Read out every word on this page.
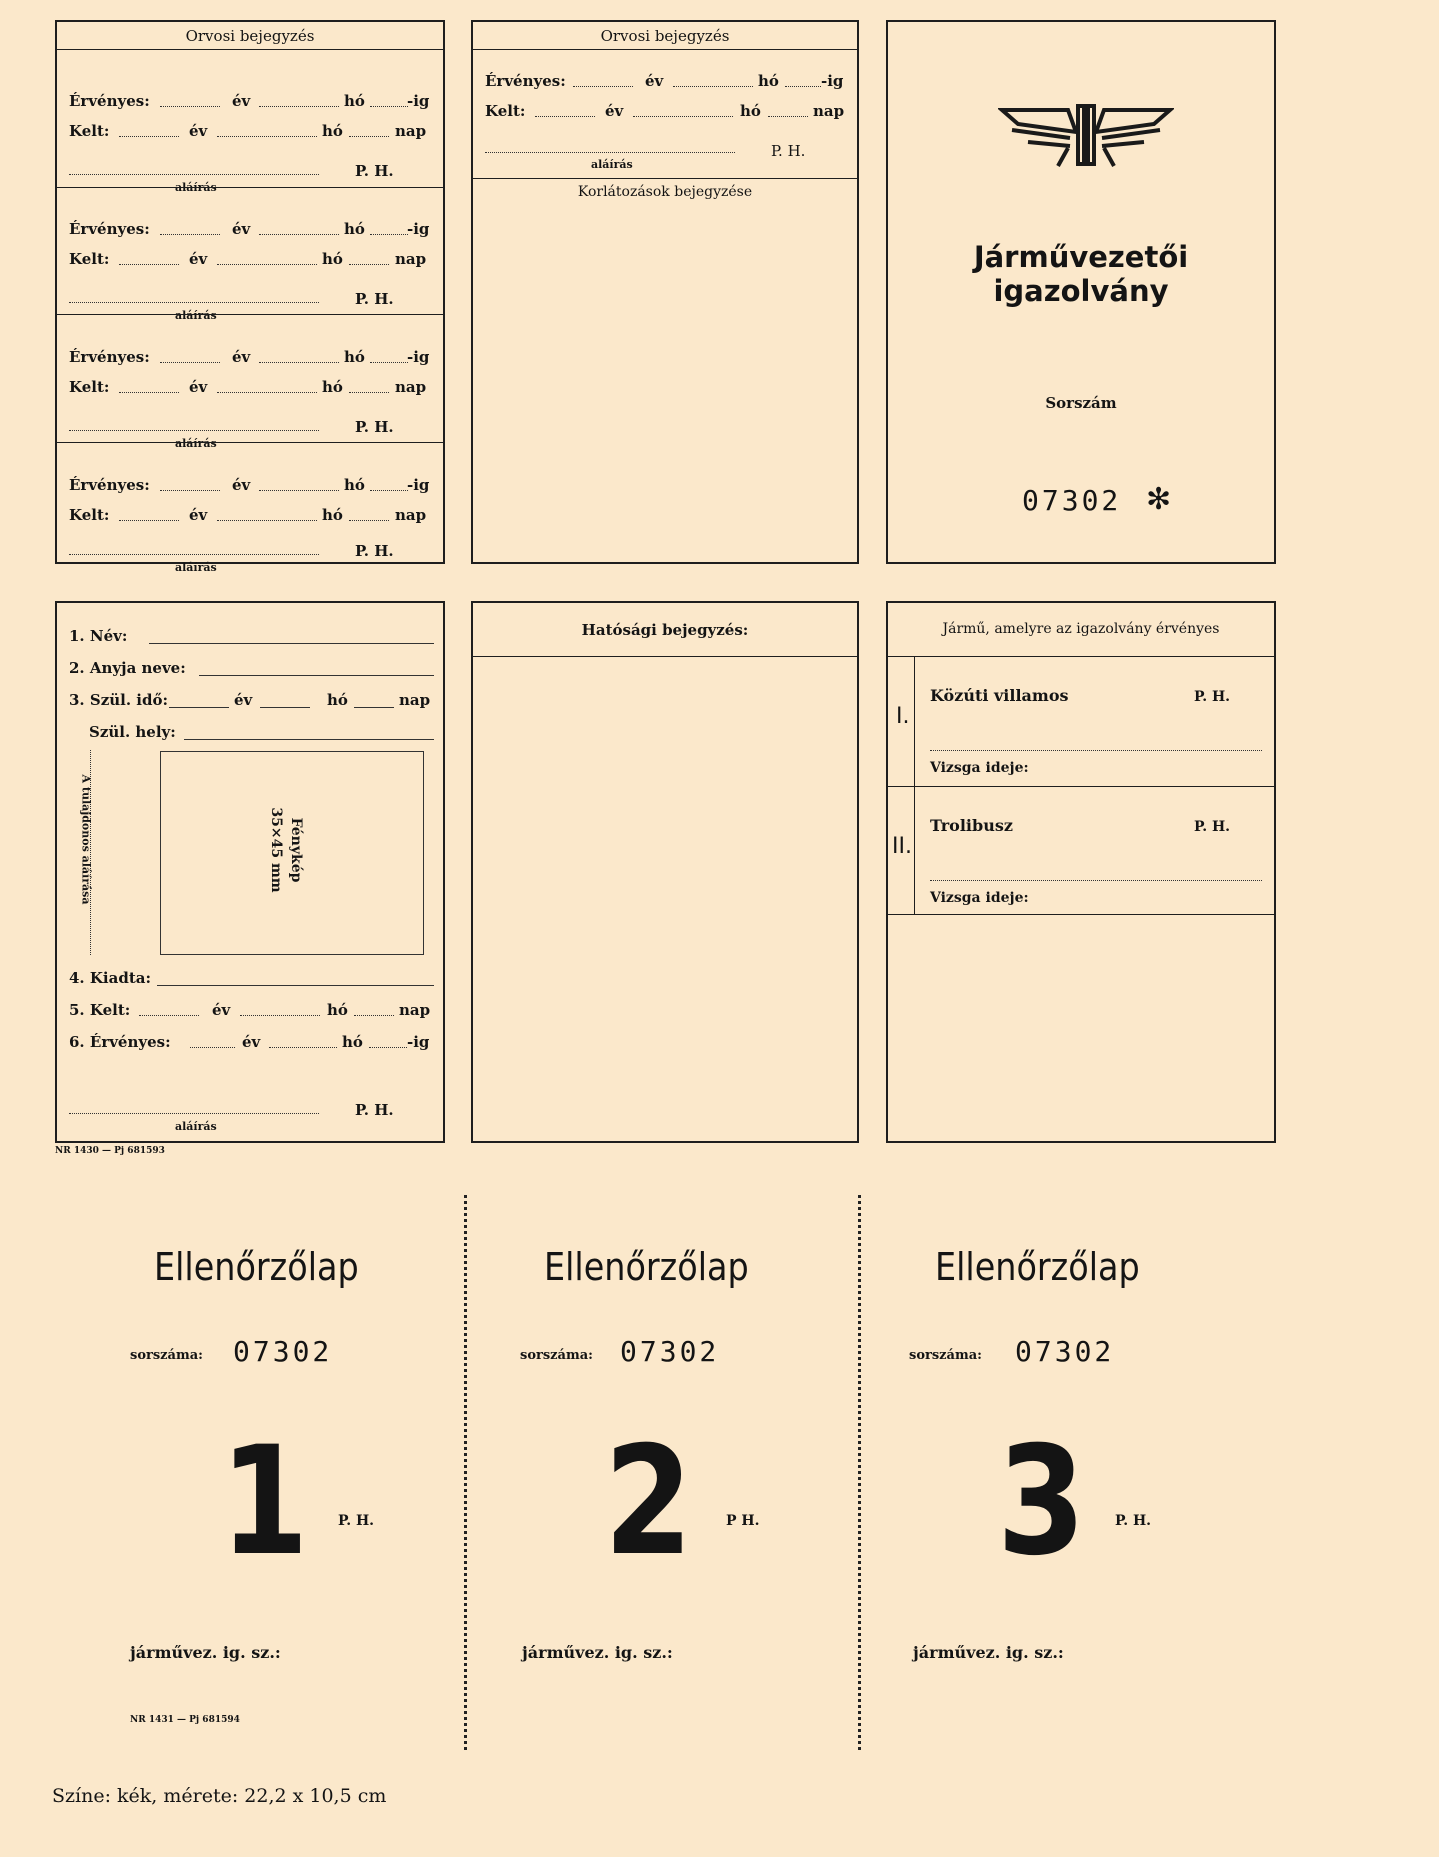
Orvosi bejegyzés
Érvényes:	év	hó	-ig
Kelt:	év	hó	nap
P. H.
aláírás
Érvényes:	év	hó	-ig
Kelt:	év	hó	nap
P. H.
aláírás
Érvényes:	év	hó	-ig
Kelt:	év	hó	nap
P. H.
aláírás
Érvényes:	év	hó	-ig
Kelt:	év	hó	nap
P. H.
aláírás
Orvosi bejegyzés
Érvényes:	év	hó	-ig
Kelt:	év	hó	nap
P. H.
aláírás
Korlátozások bejegyzése
Járművezetői igazolvány
Sorszám
07302 ✻
1. Név:
2. Anyja neve:
3. Szül. idő:	év	hó	nap
Szül. hely:
A tulajdonos aláírása	Fénykép
35×45 mm
4. Kiadta:
5. Kelt:	év	hó	nap
6. Érvényes:	év	hó	-ig
P. H.
aláírás
NR 1430 — Pj 681593
Hatósági bejegyzés:	Jármű, amelyre az igazolvány érvényes
I.
Közúti villamos	P. H.
Vizsga ideje:
II.
Trolibusz	P. H.
Vizsga ideje:
Ellenőrzőlap
sorszáma: 07302
1 P. H.
járművez. ig. sz.:
NR 1431 — Pj 681594
Ellenőrzőlap
sorszáma: 07302
2 P H.
járművez. ig. sz.:
Ellenőrzőlap
sorszáma: 07302
3 P. H.
járművez. ig. sz.:
Színe: kék, mérete: 22,2 x 10,5 cm
